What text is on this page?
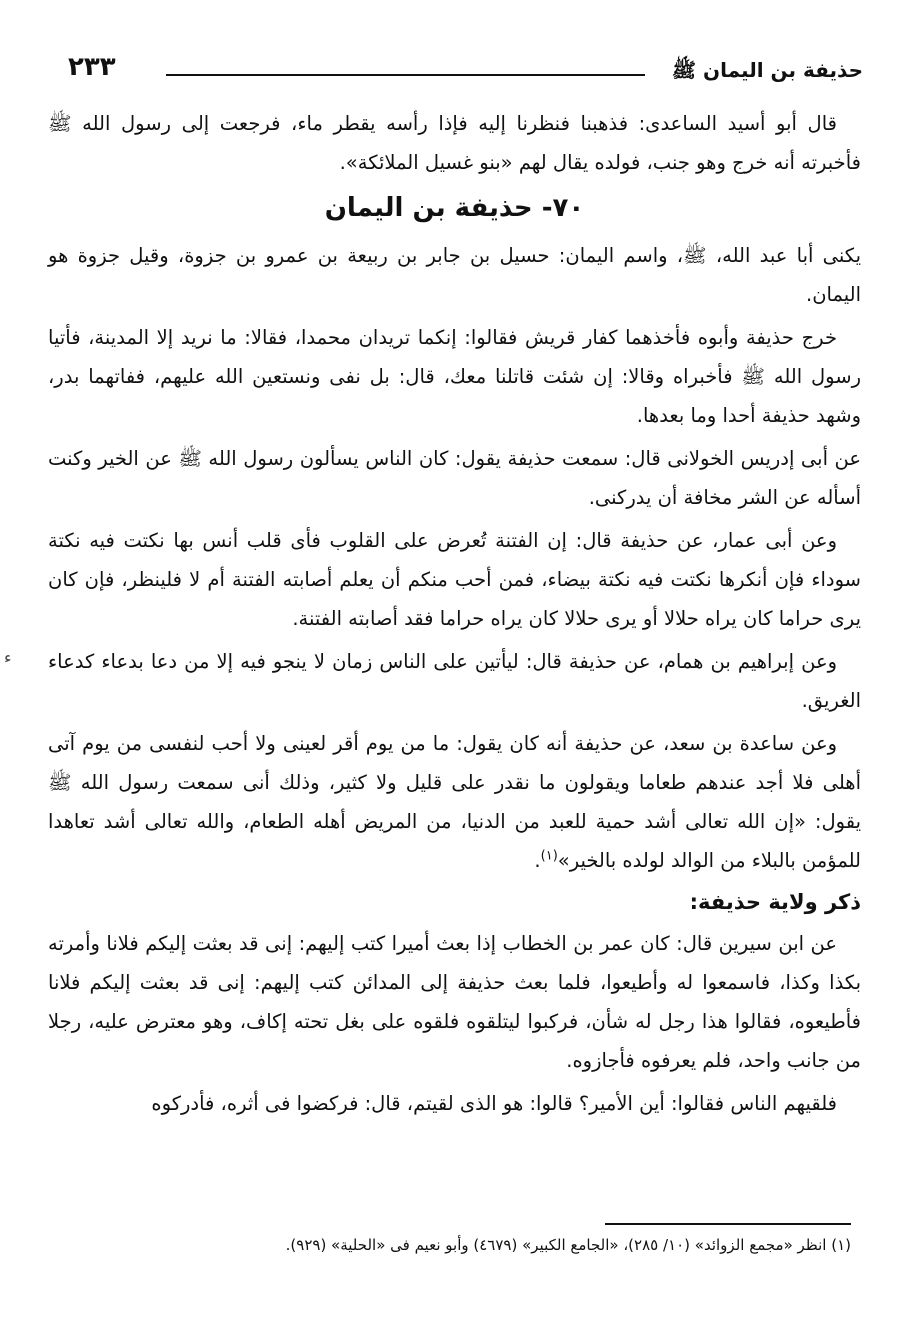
حذيفة بن اليمان ﷺ
٢٣٣

قال أبو أسيد الساعدى: فذهبنا فنظرنا إليه فإذا رأسه يقطر ماء، فرجعت إلى رسول الله ﷺ فأخبرته أنه خرج وهو جنب، فولده يقال لهم «بنو غسيل الملائكة».

٧٠- حذيفة بن اليمان

يكنى أبا عبد الله، ﷺ، واسم اليمان: حسيل بن جابر بن ربيعة بن عمرو بن جزوة، وقيل جزوة هو اليمان.

خرج حذيفة وأبوه فأخذهما كفار قريش فقالوا: إنكما تريدان محمدا، فقالا: ما نريد إلا المدينة، فأتيا رسول الله ﷺ فأخبراه وقالا: إن شئت قاتلنا معك، قال: بل نفى ونستعين الله عليهم، ففاتهما بدر، وشهد حذيفة أحدا وما بعدها.

عن أبى إدريس الخولانى قال: سمعت حذيفة يقول: كان الناس يسألون رسول الله ﷺ عن الخير وكنت أسأله عن الشر مخافة أن يدركنى.

وعن أبى عمار، عن حذيفة قال: إن الفتنة تُعرض على القلوب فأى قلب أنس بها نكتت فيه نكتة سوداء فإن أنكرها نكتت فيه نكتة بيضاء، فمن أحب منكم أن يعلم أصابته الفتنة أم لا فلينظر، فإن كان يرى حراما كان يراه حلالا أو يرى حلالا كان يراه حراما فقد أصابته الفتنة.

وعن إبراهيم بن همام، عن حذيفة قال: ليأتين على الناس زمان لا ينجو فيه إلا من دعا بدعاء كدعاء الغريق.

وعن ساعدة بن سعد، عن حذيفة أنه كان يقول: ما من يوم أقر لعينى ولا أحب لنفسى من يوم آتى أهلى فلا أجد عندهم طعاما ويقولون ما نقدر على قليل ولا كثير، وذلك أنى سمعت رسول الله ﷺ يقول: «إن الله تعالى أشد حمية للعبد من الدنيا، من المريض أهله الطعام، والله تعالى أشد تعاهدا للمؤمن بالبلاء من الوالد لولده بالخير»$^{(١)}$.

ذكر ولاية حذيفة:

عن ابن سيرين قال: كان عمر بن الخطاب إذا بعث أميرا كتب إليهم: إنى قد بعثت إليكم فلانا وأمرته بكذا وكذا، فاسمعوا له وأطيعوا، فلما بعث حذيفة إلى المدائن كتب إليهم: إنى قد بعثت إليكم فلانا فأطيعوه، فقالوا هذا رجل له شأن، فركبوا ليتلقوه فلقوه على بغل تحته إكاف، وهو معترض عليه، رجلا من جانب واحد، فلم يعرفوه فأجازوه.

فلقيهم الناس فقالوا: أين الأمير؟ قالوا: هو الذى لقيتم، قال: فركضوا فى أثره، فأدركوه

(١) انظر «مجمع الزوائد» (١٠/ ٢٨٥)، «الجامع الكبير» (٤٦٧٩) وأبو نعيم فى «الحلية» (٩٢٩).
ء
